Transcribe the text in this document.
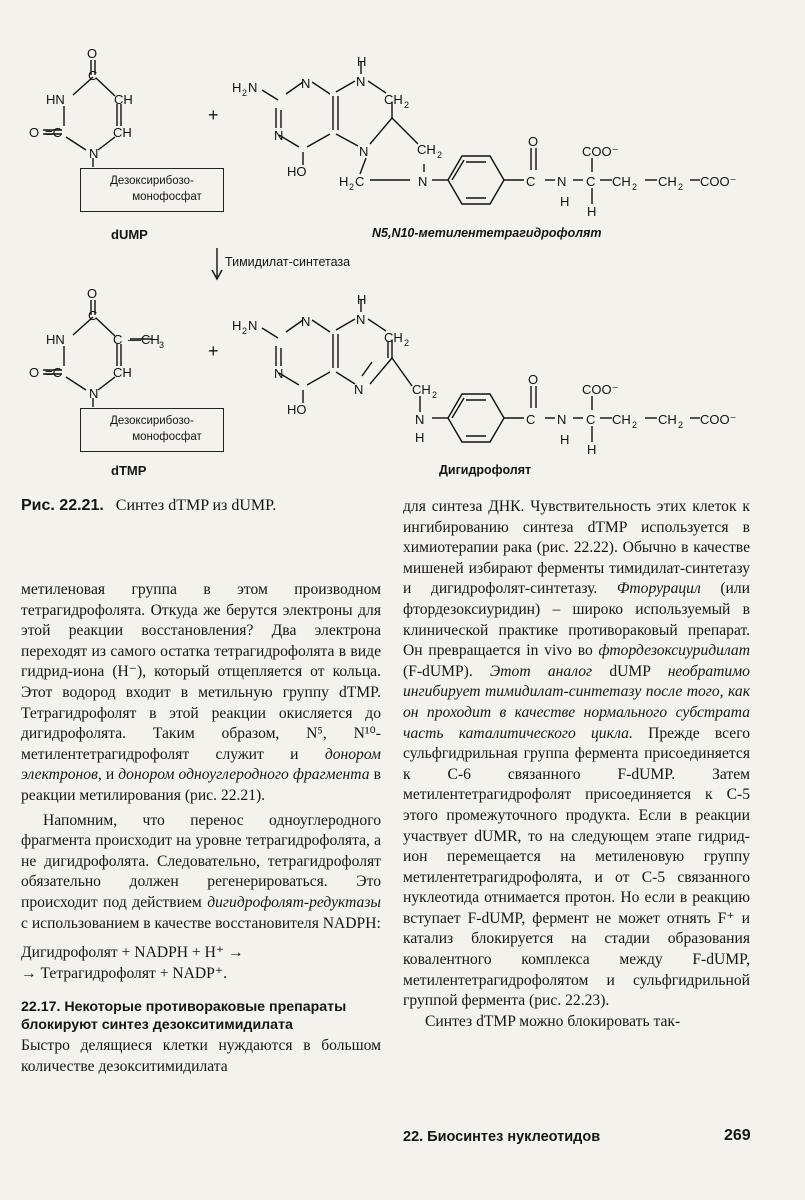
O
HN	CH
C
O =C	CH
N
O
HN	C
C
—CH 3
O =C	CH
N
H 2 N	N
N
HO
H
N
CH 2
N	CH 2
H 2 C	N
O
C N
H
C
COO⁻
H
CH 2 CH 2 COO⁻
H 2 N	N
N
HO
H
N
CH 2
N	CH 2
N
H
O
C N
H
C
COO⁻
H
CH 2 CH 2 COO⁻
Дезоксирибозо-
монофосфат
Дезоксирибозо-
монофосфат
dUMP
dTMP
N5,N10-метилентетрагидрофолят
Дигидрофолят
+
+
Тимидилат-синтетаза
Рис. 22.21. Синтез dTMP из dUMP.

метиленовая группа в этом производном тетрагидрофолята. Откуда же берутся электроны для этой реакции восстановления? Два электрона переходят из самого остатка тетрагидрофолята в виде гидрид-иона (H⁻), который отщепляется от кольца. Этот водород входит в метильную группу dTMP. Тетрагидрофолят в этой реакции окисляется до дигидрофолята. Таким образом, N⁵, N¹⁰-метилентетрагидрофолят служит и донором электронов, и донором одноуглеродного фрагмента в реакции метилирования (рис. 22.21).

Напомним, что перенос одноуглеродного фрагмента происходит на уровне тетрагидрофолята, а не дигидрофолята. Следовательно, тетрагидрофолят обязательно должен регенерироваться. Это происходит под действием дигидрофолят-редуктазы с использованием в качестве восстановителя NADPH:

Дигидрофолят + NADPH + H⁺ →
→ Тетрагидрофолят + NADP⁺.
22.17. Некоторые противораковые препараты блокируют синтез дезокситимидилата

Быстро делящиеся клетки нуждаются в большом количестве дезокситимидилата

для синтеза ДНК. Чувствительность этих клеток к ингибированию синтеза dTMP используется в химиотерапии рака (рис. 22.22). Обычно в качестве мишеней избирают ферменты тимидилат-синтетазу и дигидрофолят-синтетазу. Фторурацил (или фтордезоксиуридин) – широко используемый в клинической практике противораковый препарат. Он превращается in vivo во фтордезоксиуридилат (F-dUMP). Этот аналог dUMP необратимо ингибирует тимидилат-синтетазу после того, как он проходит в качестве нормального субстрата часть каталитического цикла. Прежде всего сульфгидрильная группа фермента присоединяется к C-6 связанного F-dUMP. Затем метилентетрагидрофолят присоединяется к C-5 этого промежуточного продукта. Если в реакции участвует dUMR, то на следующем этапе гидрид-ион перемещается на метиленовую группу метилентетрагидрофолята, и от C-5 связанного нуклеотида отнимается протон. Но если в реакцию вступает F-dUMP, фермент не может отнять F⁺ и катализ блокируется на стадии образования ковалентного комплекса между F-dUMP, метилентетрагидрофолятом и сульфгидрильной группой фермента (рис. 22.23).

Синтез dTMP можно блокировать так-

22. Биосинтез нуклеотидов	269
